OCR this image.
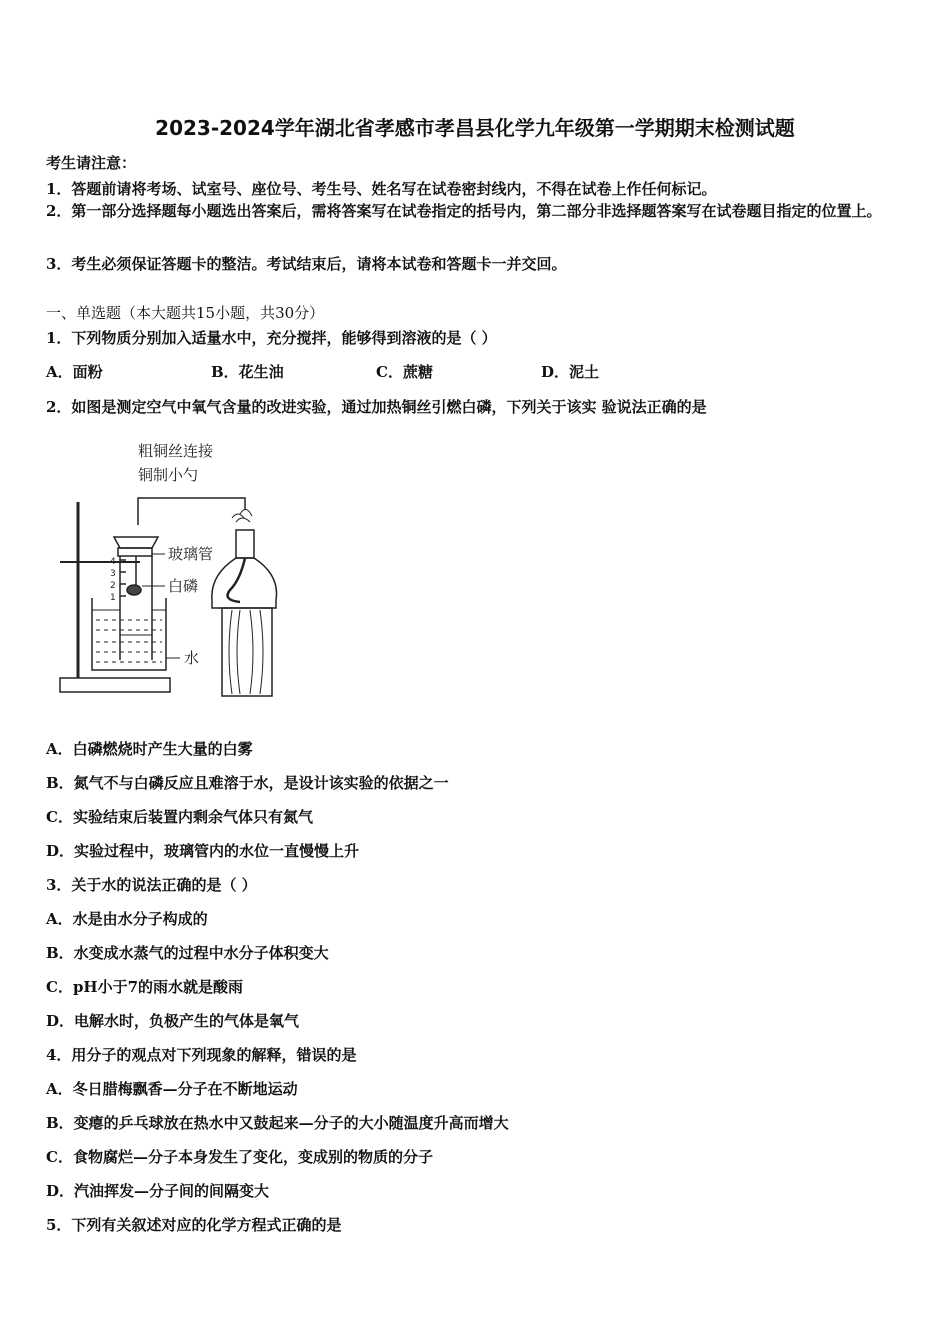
2023-2024学年湖北省孝感市孝昌县化学九年级第一学期期末检测试题
考生请注意：
1．答题前请将考场、试室号、座位号、考生号、姓名写在试卷密封线内，不得在试卷上作任何标记。
2．第一部分选择题每小题选出答案后，需将答案写在试卷指定的括号内，第二部分非选择题答案写在试卷题目指定的位置上。
3．考生必须保证答题卡的整洁。考试结束后，请将本试卷和答题卡一并交回。
一、单选题（本大题共15小题，共30分）
1．下列物质分别加入适量水中，充分搅拌，能够得到溶液的是（ ）
A．面粉	B．花生油	C．蔗糖	D．泥土
2．如图是测定空气中氧气含量的改进实验，通过加热铜丝引燃白磷，下列关于该实 验说法正确的是
粗铜丝连接
铜制小勺
4
3
2
1
玻璃管
白磷
水
A．白磷燃烧时产生大量的白雾
B．氮气不与白磷反应且难溶于水，是设计该实验的依据之一
C．实验结束后装置内剩余气体只有氮气
D．实验过程中，玻璃管内的水位一直慢慢上升
3．关于水的说法正确的是（ ）
A．水是由水分子构成的
B．水变成水蒸气的过程中水分子体积变大
C．pH小于7的雨水就是酸雨
D．电解水时，负极产生的气体是氧气
4．用分子的观点对下列现象的解释，错误的是
A．冬日腊梅飘香—分子在不断地运动
B．变瘪的乒乓球放在热水中又鼓起来—分子的大小随温度升高而增大
C．食物腐烂—分子本身发生了变化，变成别的物质的分子
D．汽油挥发—分子间的间隔变大
5．下列有关叙述对应的化学方程式正确的是
